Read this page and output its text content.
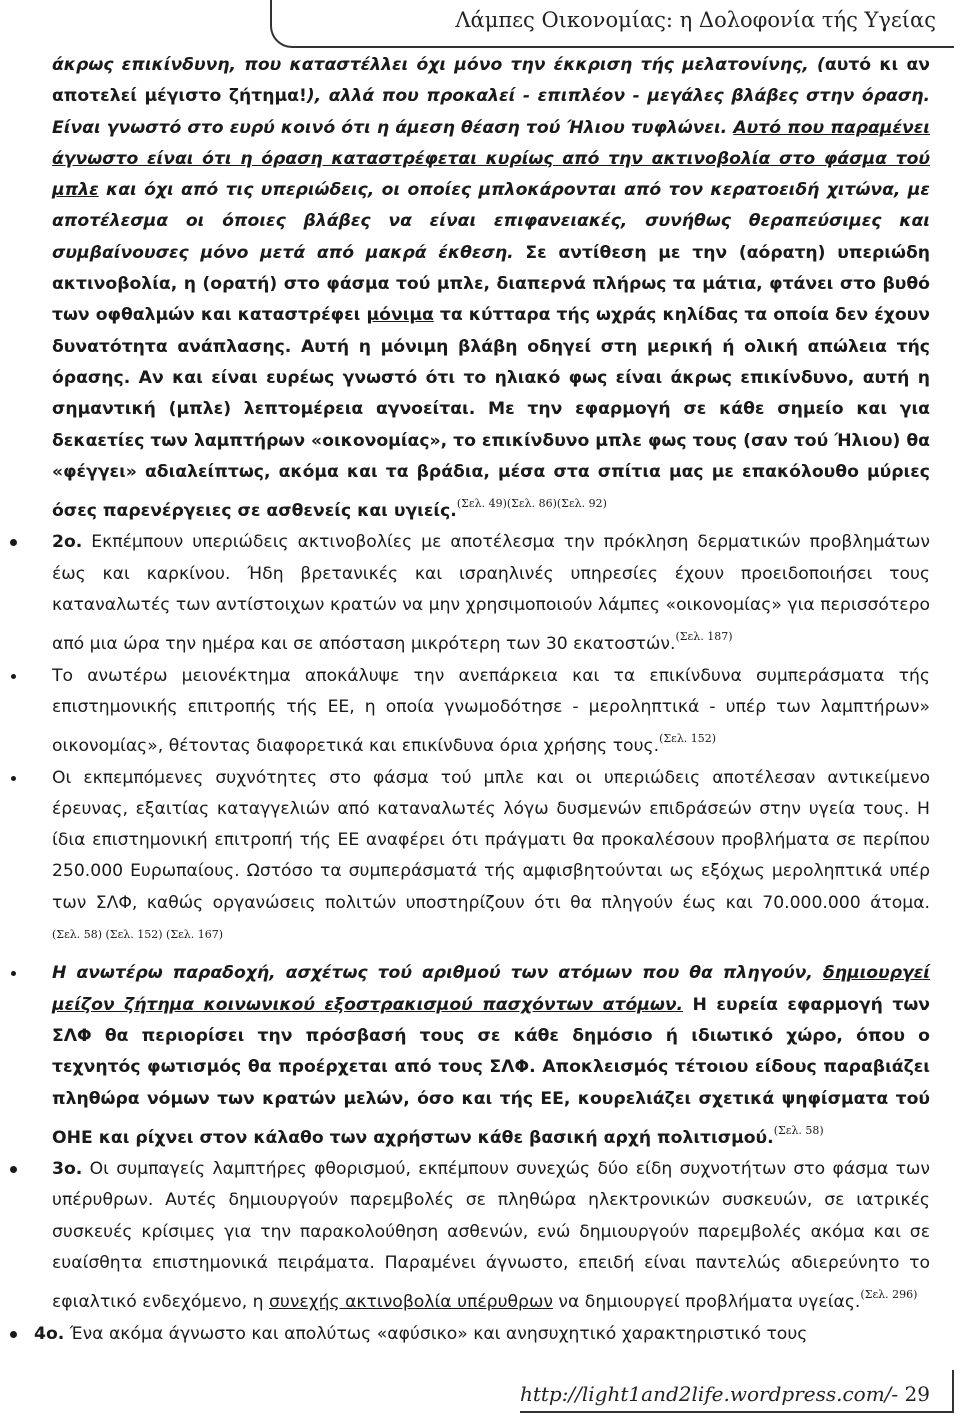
Λάμπες Οικονομίας: η Δολοφονία τής Υγείας

άκρως επικίνδυνη, που καταστέλλει όχι μόνο την έκκριση τής μελατονίνης, (αυτό κι αν αποτελεί μέγιστο ζήτημα!), αλλά που προκαλεί - επιπλέον - μεγάλες βλάβες στην όραση. Είναι γνωστό στο ευρύ κοινό ότι η άμεση θέαση τού Ήλιου τυφλώνει. Αυτό που παραμένει άγνωστο είναι ότι η όραση καταστρέφεται κυρίως από την ακτινοβολία στο φάσμα τού μπλε και όχι από τις υπεριώδεις, οι οποίες μπλοκάρονται από τον κερατοειδή χιτώνα, με αποτέλεσμα οι όποιες βλάβες να είναι επιφανειακές, συνήθως θεραπεύσιμες και συμβαίνουσες μόνο μετά από μακρά έκθεση. Σε αντίθεση με την (αόρατη) υπεριώδη ακτινοβολία, η (ορατή) στο φάσμα τού μπλε, διαπερνά πλήρως τα μάτια, φτάνει στο βυθό των οφθαλμών και καταστρέφει μόνιμα τα κύτταρα τής ωχράς κηλίδας τα οποία δεν έχουν δυνατότητα ανάπλασης. Αυτή η μόνιμη βλάβη οδηγεί στη μερική ή ολική απώλεια τής όρασης. Αν και είναι ευρέως γνωστό ότι το ηλιακό φως είναι άκρως επικίνδυνο, αυτή η σημαντική (μπλε) λεπτομέρεια αγνοείται. Με την εφαρμογή σε κάθε σημείο και για δεκαετίες των λαμπτήρων «οικονομίας», το επικίνδυνο μπλε φως τους (σαν τού Ήλιου) θα «φέγγει» αδιαλείπτως, ακόμα και τα βράδια, μέσα στα σπίτια μας με επακόλουθο μύριες όσες παρενέργειες σε ασθενείς και υγιείς.$^{(\Sigma\varepsilon\lambda. 49)(\Sigma\varepsilon\lambda. 86)(\Sigma\varepsilon\lambda. 92)}$

2ο. Εκπέμπουν υπεριώδεις ακτινοβολίες με αποτέλεσμα την πρόκληση δερματικών προβλημάτων έως και καρκίνου. Ήδη βρετανικές και ισραηλινές υπηρεσίες έχουν προειδοποιήσει τους καταναλωτές των αντίστοιχων κρατών να μην χρησιμοποιούν λάμπες «οικονομίας» για περισσότερο από μια ώρα την ημέρα και σε απόσταση μικρότερη των 30 εκατοστών.$^{(\Sigma\varepsilon\lambda. 187)}$

Το ανωτέρω μειονέκτημα αποκάλυψε την ανεπάρκεια και τα επικίνδυνα συμπεράσματα τής επιστημονικής επιτροπής τής ΕΕ, η οποία γνωμοδότησε - μεροληπτικά - υπέρ των λαμπτήρων» οικονομίας», θέτοντας διαφορετικά και επικίνδυνα όρια χρήσης τους.$^{(\Sigma\varepsilon\lambda. 152)}$

Οι εκπεμπόμενες συχνότητες στο φάσμα τού μπλε και οι υπεριώδεις αποτέλεσαν αντικείμενο έρευνας, εξαιτίας καταγγελιών από καταναλωτές λόγω δυσμενών επιδράσεών στην υγεία τους. Η ίδια επιστημονική επιτροπή τής ΕΕ αναφέρει ότι πράγματι θα προκαλέσουν προβλήματα σε περίπου 250.000 Ευρωπαίους. Ωστόσο τα συμπεράσματά τής αμφισβητούνται ως εξόχως μεροληπτικά υπέρ των ΣΛΦ, καθώς οργανώσεις πολιτών υποστηρίζουν ότι θα πληγούν έως και 70.000.000 άτομα.$^{(\Sigma\varepsilon\lambda. 58) (\Sigma\varepsilon\lambda. 152) (\Sigma\varepsilon\lambda. 167)}$

Η ανωτέρω παραδοχή, ασχέτως τού αριθμού των ατόμων που θα πληγούν, δημιουργεί μείζον ζήτημα κοινωνικού εξοστρακισμού πασχόντων ατόμων. Η ευρεία εφαρμογή των ΣΛΦ θα περιορίσει την πρόσβασή τους σε κάθε δημόσιο ή ιδιωτικό χώρο, όπου ο τεχνητός φωτισμός θα προέρχεται από τους ΣΛΦ. Αποκλεισμός τέτοιου είδους παραβιάζει πληθώρα νόμων των κρατών μελών, όσο και τής ΕΕ, κουρελιάζει σχετικά ψηφίσματα τού ΟΗΕ και ρίχνει στον κάλαθο των αχρήστων κάθε βασική αρχή πολιτισμού.$^{(\Sigma\varepsilon\lambda. 58)}$

3ο. Οι συμπαγείς λαμπτήρες φθορισμού, εκπέμπουν συνεχώς δύο είδη συχνοτήτων στο φάσμα των υπέρυθρων. Αυτές δημιουργούν παρεμβολές σε πληθώρα ηλεκτρονικών συσκευών, σε ιατρικές συσκευές κρίσιμες για την παρακολούθηση ασθενών, ενώ δημιουργούν παρεμβολές ακόμα και σε ευαίσθητα επιστημονικά πειράματα. Παραμένει άγνωστο, επειδή είναι παντελώς αδιερεύνητο το εφιαλτικό ενδεχόμενο, η συνεχής ακτινοβολία υπέρυθρων να δημιουργεί προβλήματα υγείας.$^{(\Sigma\varepsilon\lambda. 296)}$

4ο. Ένα ακόμα άγνωστο και απολύτως «αφύσικο» και ανησυχητικό χαρακτηριστικό τους

http://light1and2life.wordpress.com/- 29
